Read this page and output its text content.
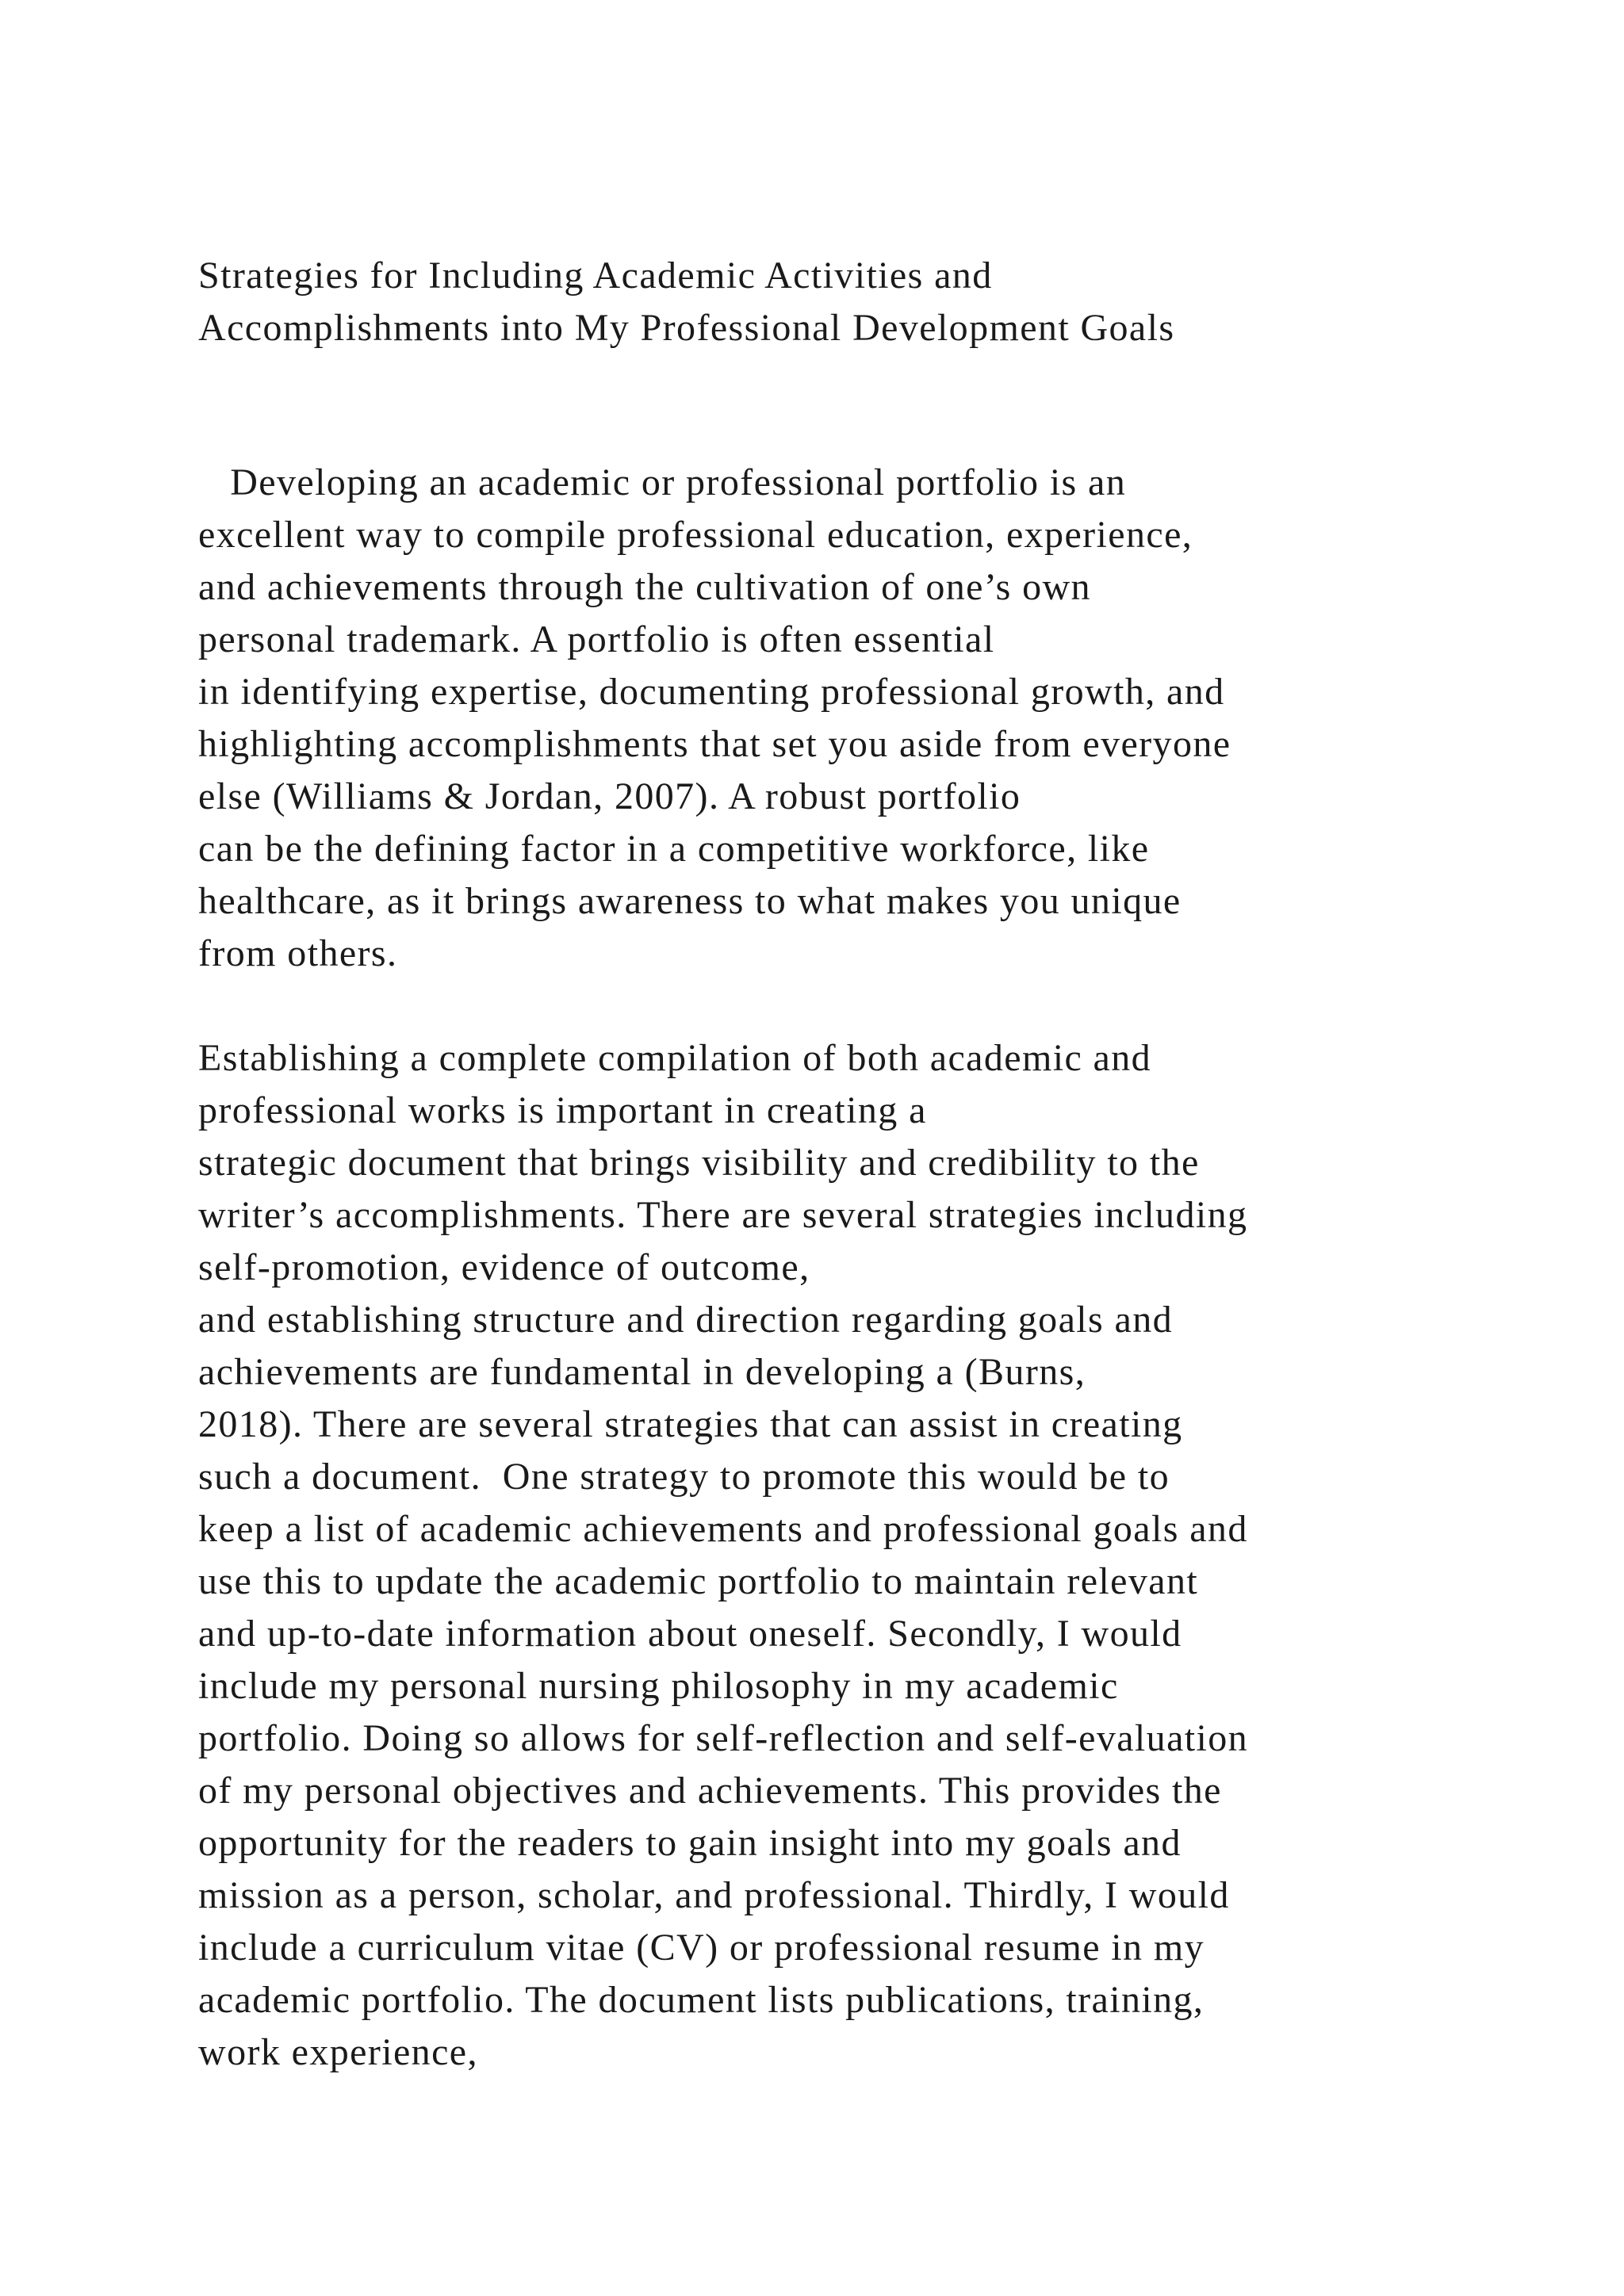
Strategies for Including Academic Activities and
Accomplishments into My Professional Development Goals
Developing an academic or professional portfolio is an
excellent way to compile professional education, experience,
and achievements through the cultivation of one’s own
personal trademark. A portfolio is often essential
in identifying expertise, documenting professional growth, and
highlighting accomplishments that set you aside from everyone
else (Williams & Jordan, 2007). A robust portfolio
can be the defining factor in a competitive workforce, like
healthcare, as it brings awareness to what makes you unique
from others.
Establishing a complete compilation of both academic and
professional works is important in creating a
strategic document that brings visibility and credibility to the
writer’s accomplishments. There are several strategies including
self-promotion, evidence of outcome,
and establishing structure and direction regarding goals and
achievements are fundamental in developing a (Burns,
2018). There are several strategies that can assist in creating
such a document.  One strategy to promote this would be to
keep a list of academic achievements and professional goals and
use this to update the academic portfolio to maintain relevant
and up-to-date information about oneself. Secondly, I would
include my personal nursing philosophy in my academic
portfolio. Doing so allows for self-reflection and self-evaluation
of my personal objectives and achievements. This provides the
opportunity for the readers to gain insight into my goals and
mission as a person, scholar, and professional. Thirdly, I would
include a curriculum vitae (CV) or professional resume in my
academic portfolio. The document lists publications, training,
work experience,
